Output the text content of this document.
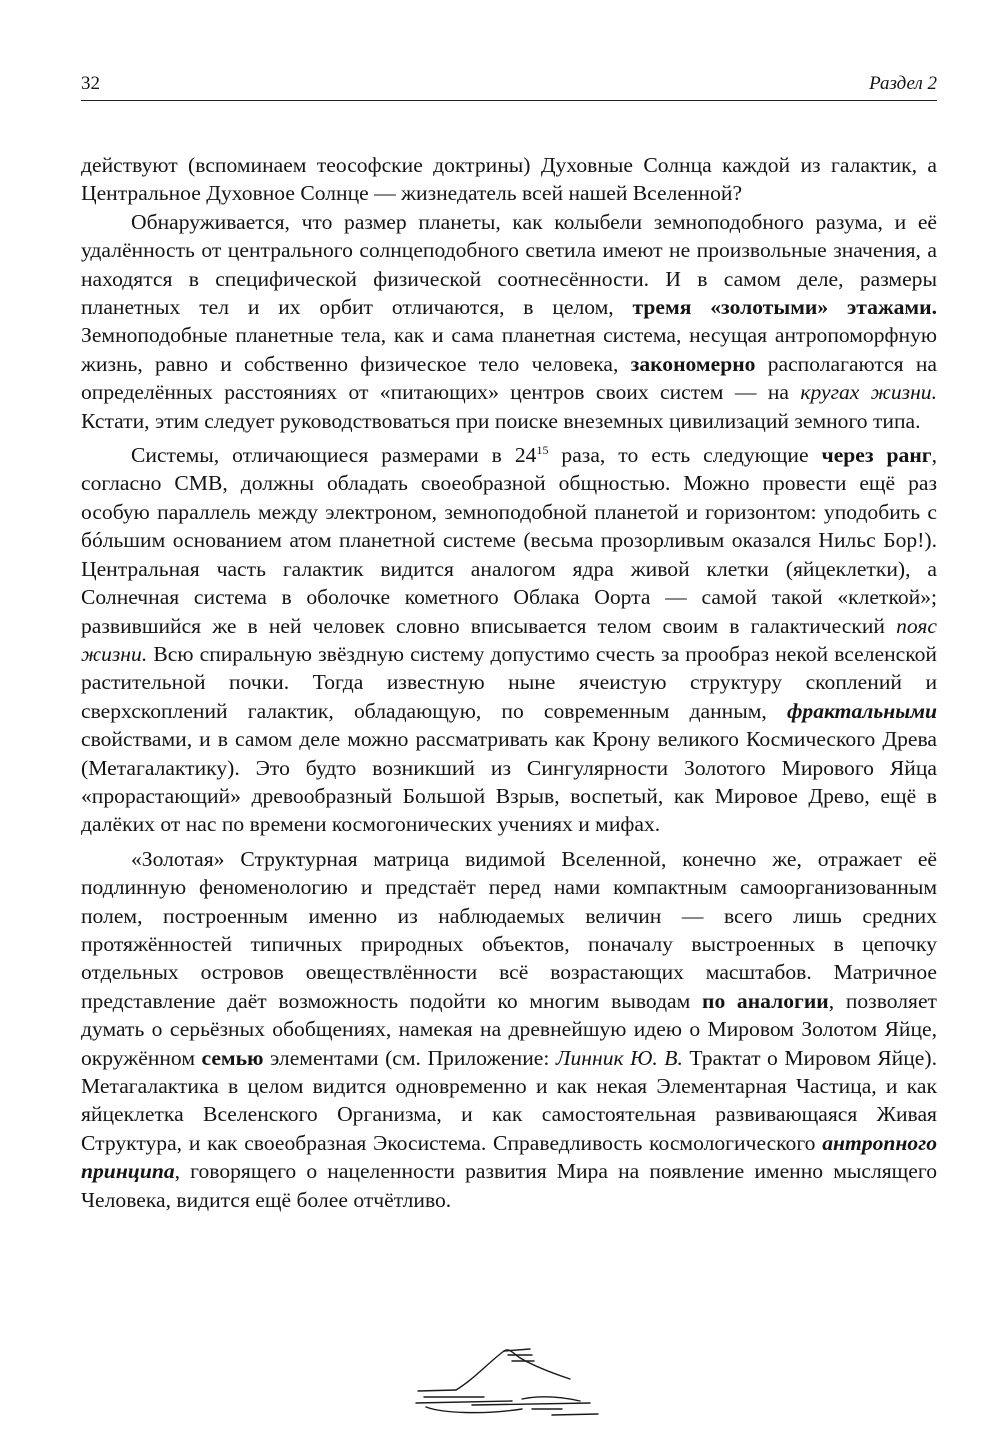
32	Раздел 2

действуют (вспоминаем теософские доктрины) Духовные Солнца каждой из галактик, а Центральное Духовное Солнце — жизнедатель всей нашей Вселенной?

Обнаруживается, что размер планеты, как колыбели земноподобного разума, и её удалённость от центрального солнцеподобного светила имеют не произвольные значения, а находятся в специфической физической соотнесённости. И в самом деле, размеры планетных тел и их орбит отличаются, в целом, тремя «золотыми» этажами. Земноподобные планетные тела, как и сама планетная система, несущая антропоморфную жизнь, равно и собственно физическое тело человека, закономерно располагаются на определённых расстояниях от «питающих» центров своих систем — на кругах жизни. Кстати, этим следует руководствоваться при поиске внеземных цивилизаций земного типа.

Системы, отличающиеся размерами в $24^{15}$ раза, то есть следующие через ранг, согласно СМВ, должны обладать своеобразной общностью. Можно провести ещё раз особую параллель между электроном, земноподобной планетой и горизонтом: уподобить с бóльшим основанием атом планетной системе (весьма прозорливым оказался Нильс Бор!). Центральная часть галактик видится аналогом ядра живой клетки (яйцеклетки), а Солнечная система в оболочке кометного Облака Оорта — самой такой «клеткой»; развившийся же в ней человек словно вписывается телом своим в галактический пояс жизни. Всю спиральную звёздную систему допустимо счесть за прообраз некой вселенской растительной почки. Тогда известную ныне ячеистую структуру скоплений и сверхскоплений галактик, обладающую, по современным данным, фрактальными свойствами, и в самом деле можно рассматривать как Крону великого Космического Древа (Метагалактику). Это будто возникший из Сингулярности Золотого Мирового Яйца «прорастающий» древообразный Большой Взрыв, воспетый, как Мировое Древо, ещё в далёких от нас по времени космогонических учениях и мифах.

«Золотая» Структурная матрица видимой Вселенной, конечно же, отражает её подлинную феноменологию и предстаёт перед нами компактным самоорганизованным полем, построенным именно из наблюдаемых величин — всего лишь средних протяжённостей типичных природных объектов, поначалу выстроенных в цепочку отдельных островов овеществлённости всё возрастающих масштабов. Матричное представление даёт возможность подойти ко многим выводам по аналогии, позволяет думать о серьёзных обобщениях, намекая на древнейшую идею о Мировом Золотом Яйце, окружённом семью элементами (см. Приложение: Линник Ю. В. Трактат о Мировом Яйце). Метагалактика в целом видится одновременно и как некая Элементарная Частица, и как яйцеклетка Вселенского Организма, и как самостоятельная развивающаяся Живая Структура, и как своеобразная Экосистема. Справедливость космологического антропного принципа, говорящего о нацеленности развития Мира на появление именно мыслящего Человека, видится ещё более отчётливо.
